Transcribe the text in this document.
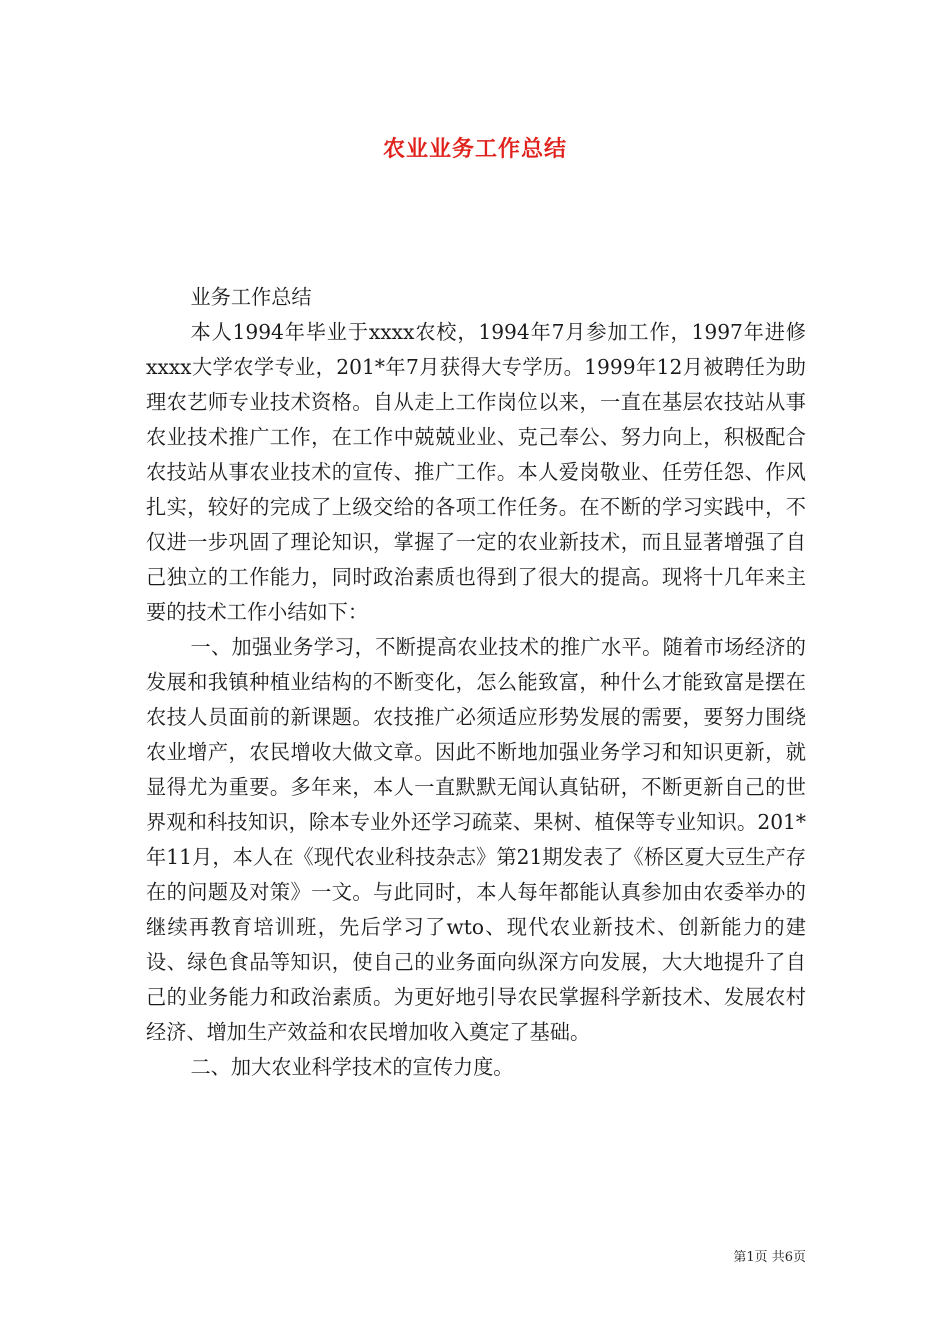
农业业务工作总结

业务工作总结

本人1994年毕业于xxxx农校，1994年7月参加工作，1997年进修xxxx大学农学专业，201*年7月获得大专学历。1999年12月被聘任为助理农艺师专业技术资格。自从走上工作岗位以来，一直在基层农技站从事农业技术推广工作，在工作中兢兢业业、克己奉公、努力向上，积极配合农技站从事农业技术的宣传、推广工作。本人爱岗敬业、任劳任怨、作风扎实，较好的完成了上级交给的各项工作任务。在不断的学习实践中，不仅进一步巩固了理论知识，掌握了一定的农业新技术，而且显著增强了自己独立的工作能力，同时政治素质也得到了很大的提高。现将十几年来主要的技术工作小结如下：

一、加强业务学习，不断提高农业技术的推广水平。随着市场经济的发展和我镇种植业结构的不断变化，怎么能致富，种什么才能致富是摆在农技人员面前的新课题。农技推广必须适应形势发展的需要，要努力围绕农业增产，农民增收大做文章。因此不断地加强业务学习和知识更新，就显得尤为重要。多年来，本人一直默默无闻认真钻研，不断更新自己的世界观和科技知识，除本专业外还学习疏菜、果树、植保等专业知识。201*年11月，本人在《现代农业科技杂志》第21期发表了《桥区夏大豆生产存在的问题及对策》一文。与此同时，本人每年都能认真参加由农委举办的继续再教育培训班，先后学习了wto、现代农业新技术、创新能力的建设、绿色食品等知识，使自己的业务面向纵深方向发展，大大地提升了自己的业务能力和政治素质。为更好地引导农民掌握科学新技术、发展农村经济、增加生产效益和农民增加收入奠定了基础。

二、加大农业科学技术的宣传力度。

第1页 共6页
